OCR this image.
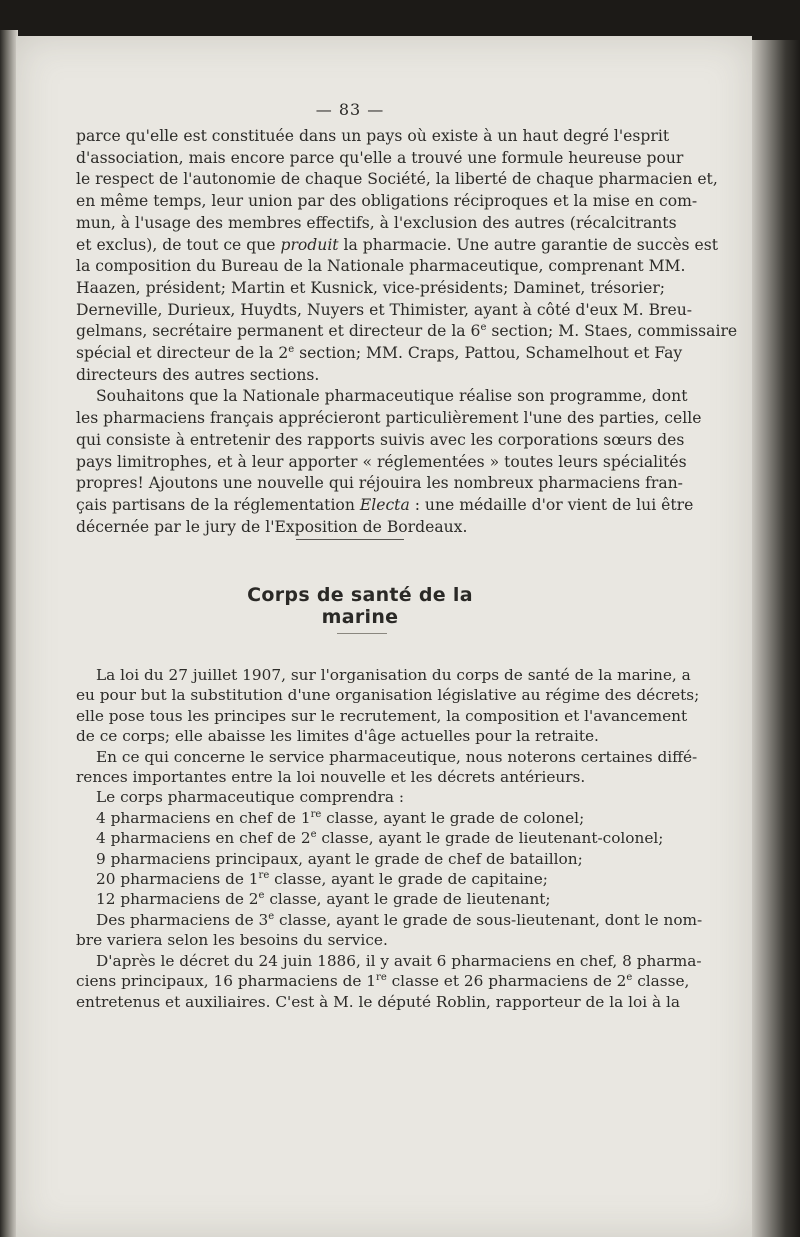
— 83 —
parce qu'elle est constituée dans un pays où existe à un haut degré l'esprit
d'association, mais encore parce qu'elle a trouvé une formule heureuse pour
le respect de l'autonomie de chaque Société, la liberté de chaque pharmacien et,
en même temps, leur union par des obligations réciproques et la mise en com-
mun, à l'usage des membres effectifs, à l'exclusion des autres (récalcitrants
et exclus), de tout ce que produit la pharmacie. Une autre garantie de succès est
la composition du Bureau de la Nationale pharmaceutique, comprenant MM.
Haazen, président; Martin et Kusnick, vice-présidents; Daminet, trésorier;
Derneville, Durieux, Huydts, Nuyers et Thimister, ayant à côté d'eux M. Breu-
gelmans, secrétaire permanent et directeur de la 6e section; M. Staes, commissaire
spécial et directeur de la 2e section; MM. Craps, Pattou, Schamelhout et Fay
directeurs des autres sections.
Souhaitons que la Nationale pharmaceutique réalise son programme, dont
les pharmaciens français apprécieront particulièrement l'une des parties, celle
qui consiste à entretenir des rapports suivis avec les corporations sœurs des
pays limitrophes, et à leur apporter « réglementées » toutes leurs spécialités
propres! Ajoutons une nouvelle qui réjouira les nombreux pharmaciens fran-
çais partisans de la réglementation Electa : une médaille d'or vient de lui être
décernée par le jury de l'Exposition de Bordeaux.
Corps de santé de la marine
La loi du 27 juillet 1907, sur l'organisation du corps de santé de la marine, a
eu pour but la substitution d'une organisation législative au régime des décrets;
elle pose tous les principes sur le recrutement, la composition et l'avancement
de ce corps; elle abaisse les limites d'âge actuelles pour la retraite.
En ce qui concerne le service pharmaceutique, nous noterons certaines diffé-
rences importantes entre la loi nouvelle et les décrets antérieurs.
Le corps pharmaceutique comprendra :
4 pharmaciens en chef de 1re classe, ayant le grade de colonel;
4 pharmaciens en chef de 2e classe, ayant le grade de lieutenant-colonel;
9 pharmaciens principaux, ayant le grade de chef de bataillon;
20 pharmaciens de 1re classe, ayant le grade de capitaine;
12 pharmaciens de 2e classe, ayant le grade de lieutenant;
Des pharmaciens de 3e classe, ayant le grade de sous-lieutenant, dont le nom-
bre variera selon les besoins du service.
D'après le décret du 24 juin 1886, il y avait 6 pharmaciens en chef, 8 pharma-
ciens principaux, 16 pharmaciens de 1re classe et 26 pharmaciens de 2e classe,
entretenus et auxiliaires. C'est à M. le député Roblin, rapporteur de la loi à la
